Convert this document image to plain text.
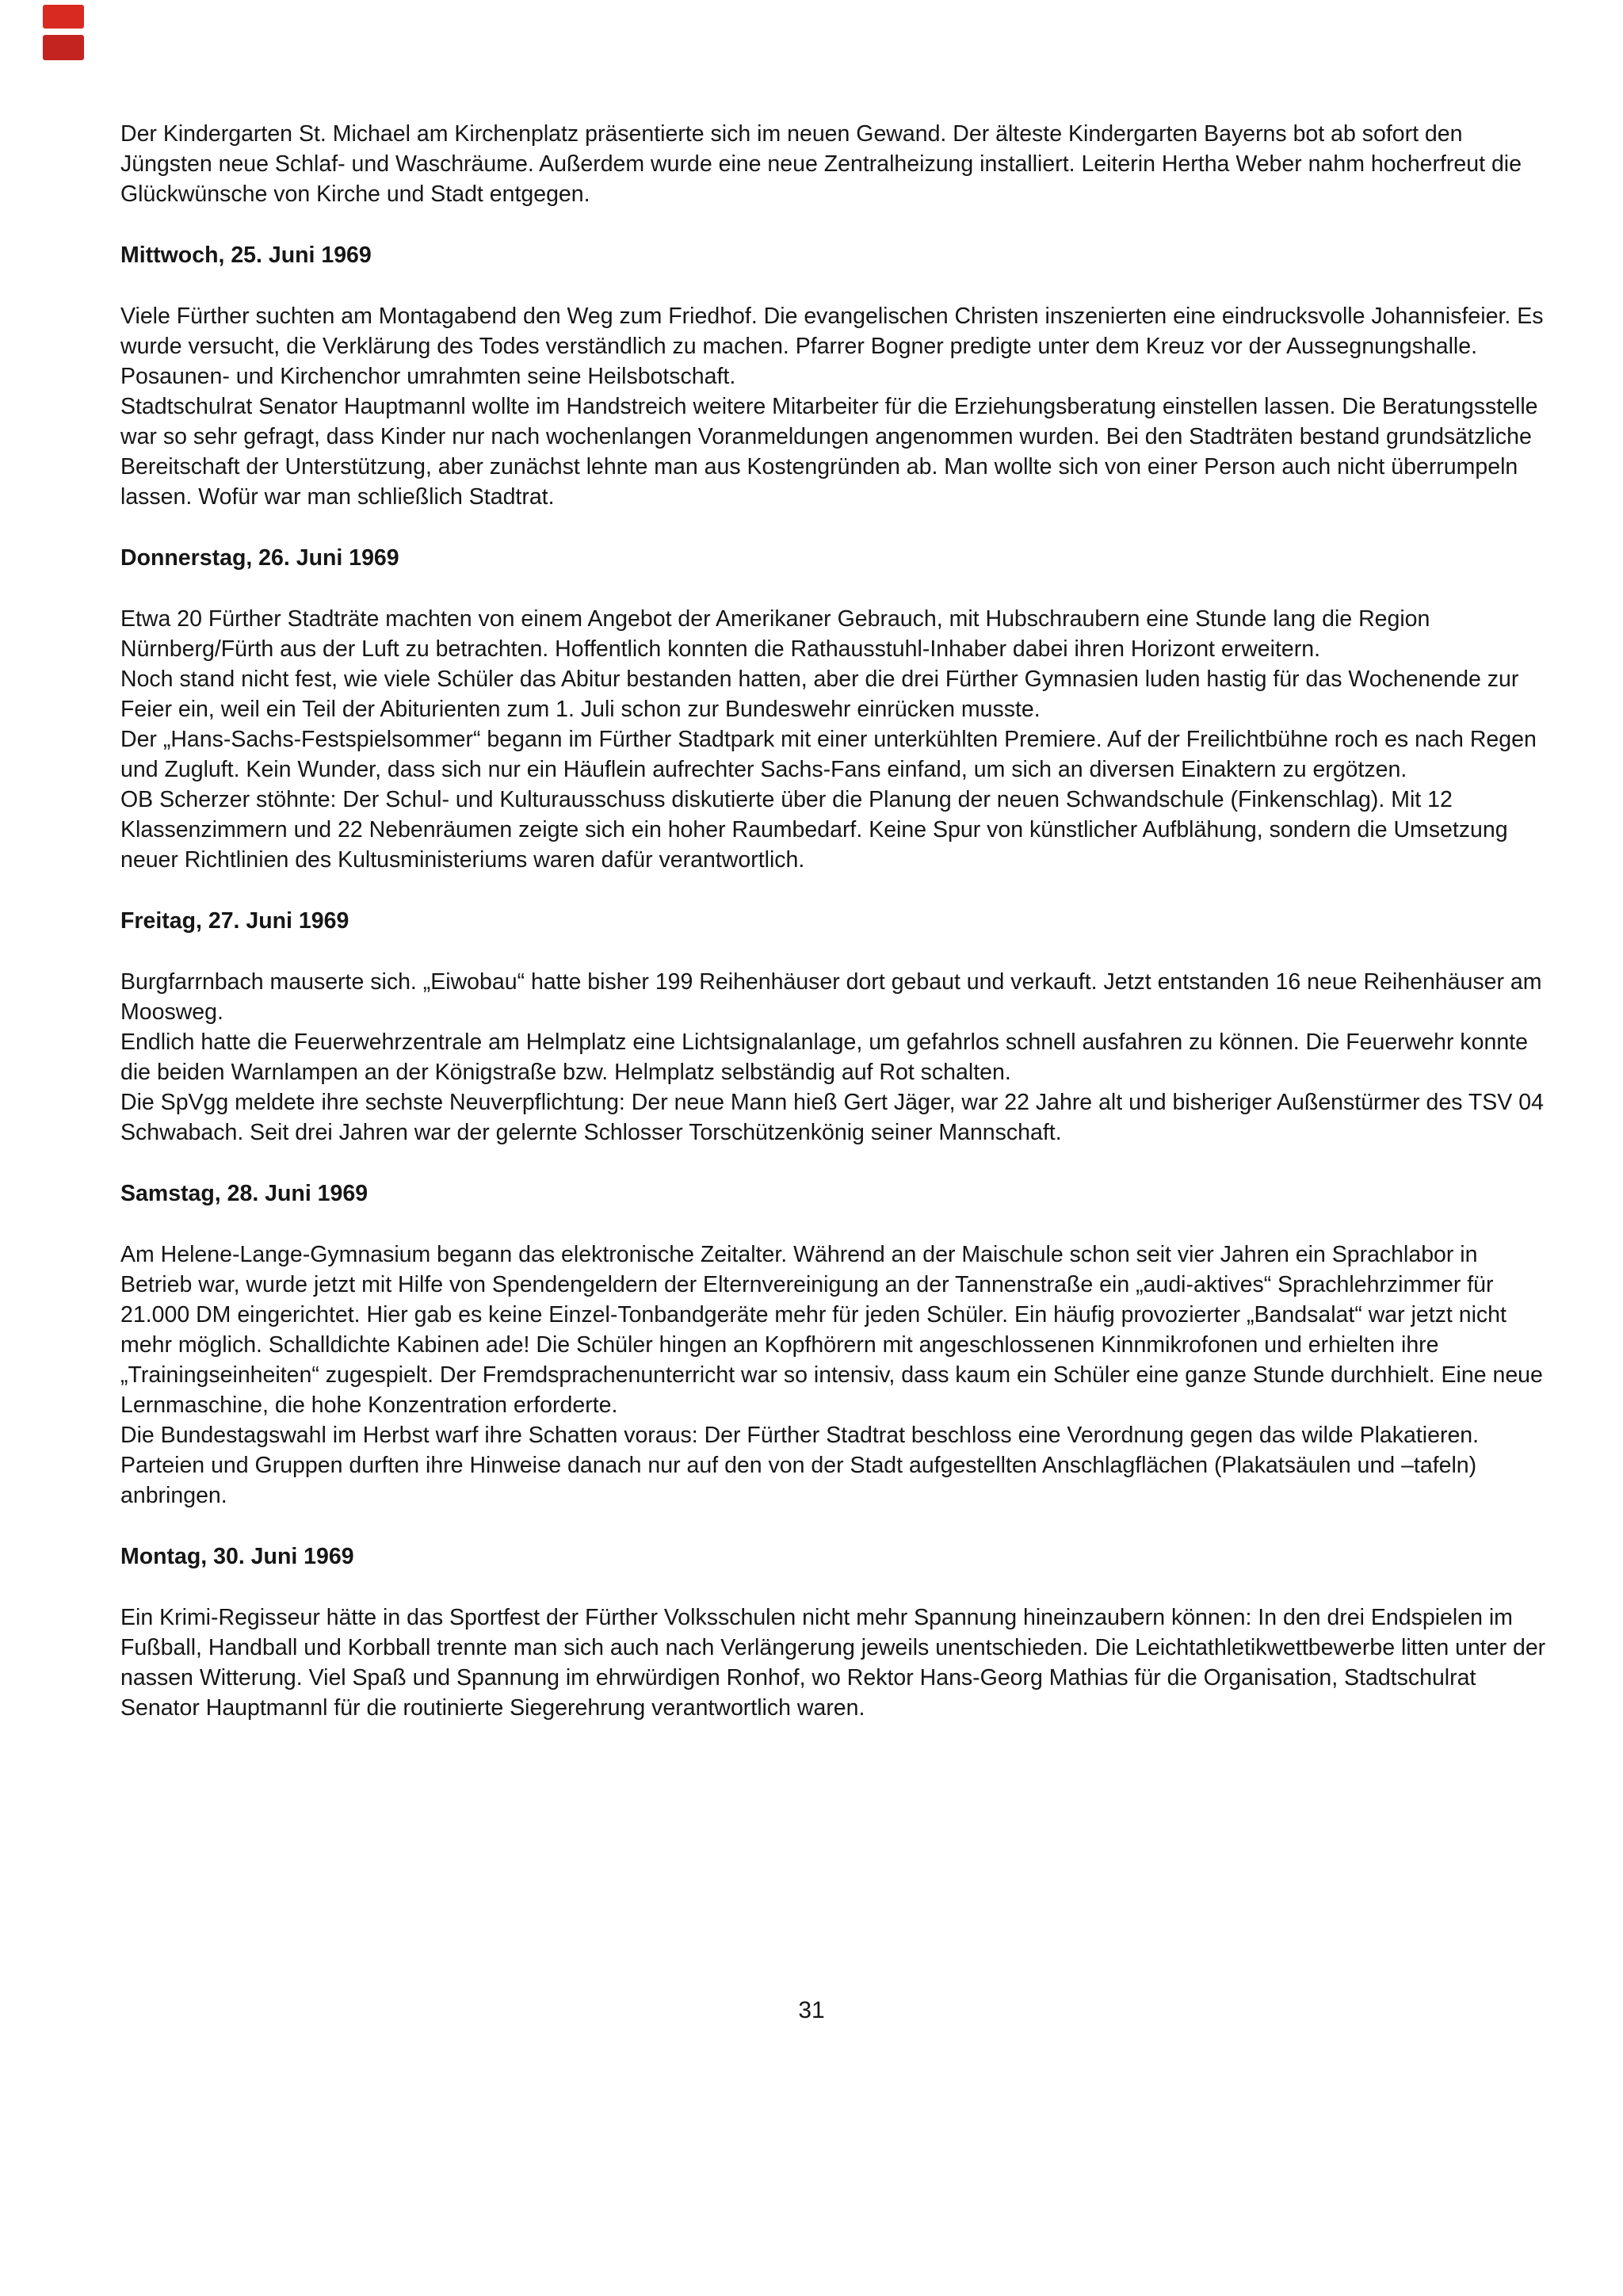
Der Kindergarten St. Michael am Kirchenplatz präsentierte sich im neuen Gewand. Der älteste Kindergarten Bayerns bot ab sofort den Jüngsten neue Schlaf- und Waschräume. Außerdem wurde eine neue Zentralheizung installiert. Leiterin Hertha Weber nahm hocherfreut die Glückwünsche von Kirche und Stadt entgegen.

Mittwoch, 25. Juni 1969

Viele Fürther suchten am Montagabend den Weg zum Friedhof. Die evangelischen Christen inszenierten eine eindrucksvolle Johannisfeier. Es wurde versucht, die Verklärung des Todes verständlich zu machen. Pfarrer Bogner predigte unter dem Kreuz vor der Aussegnungshalle. Posaunen- und Kirchenchor umrahmten seine Heilsbotschaft.

Stadtschulrat Senator Hauptmannl wollte im Handstreich weitere Mitarbeiter für die Erziehungsberatung einstellen lassen. Die Beratungsstelle war so sehr gefragt, dass Kinder nur nach wochenlangen Voranmeldungen angenommen wurden. Bei den Stadträten bestand grundsätzliche Bereitschaft der Unterstützung, aber zunächst lehnte man aus Kostengründen ab. Man wollte sich von einer Person auch nicht überrumpeln lassen. Wofür war man schließlich Stadtrat.

Donnerstag, 26. Juni 1969

Etwa 20 Fürther Stadträte machten von einem Angebot der Amerikaner Gebrauch, mit Hubschraubern eine Stunde lang die Region Nürnberg/Fürth aus der Luft zu betrachten. Hoffentlich konnten die Rathausstuhl-Inhaber dabei ihren Horizont erweitern.

Noch stand nicht fest, wie viele Schüler das Abitur bestanden hatten, aber die drei Fürther Gymnasien luden hastig für das Wochenende zur Feier ein, weil ein Teil der Abiturienten zum 1. Juli schon zur Bundeswehr einrücken musste.

Der „Hans-Sachs-Festspielsommer“ begann im Fürther Stadtpark mit einer unterkühlten Premiere. Auf der Freilichtbühne roch es nach Regen und Zugluft. Kein Wunder, dass sich nur ein Häuflein aufrechter Sachs-Fans einfand, um sich an diversen Einaktern zu ergötzen.

OB Scherzer stöhnte: Der Schul- und Kulturausschuss diskutierte über die Planung der neuen Schwandschule (Finkenschlag). Mit 12 Klassenzimmern und 22 Nebenräumen zeigte sich ein hoher Raumbedarf. Keine Spur von künstlicher Aufblähung, sondern die Umsetzung neuer Richtlinien des Kultusministeriums waren dafür verantwortlich.

Freitag, 27. Juni 1969

Burgfarrnbach mauserte sich. „Eiwobau“ hatte bisher 199 Reihenhäuser dort gebaut und verkauft. Jetzt entstanden 16 neue Reihenhäuser am Moosweg.

Endlich hatte die Feuerwehrzentrale am Helmplatz eine Lichtsignalanlage, um gefahrlos schnell ausfahren zu können. Die Feuerwehr konnte die beiden Warnlampen an der Königstraße bzw. Helmplatz selbständig auf Rot schalten.

Die SpVgg meldete ihre sechste Neuverpflichtung: Der neue Mann hieß Gert Jäger, war 22 Jahre alt und bisheriger Außenstürmer des TSV 04 Schwabach. Seit drei Jahren war der gelernte Schlosser Torschützenkönig seiner Mannschaft.

Samstag, 28. Juni 1969

Am Helene-Lange-Gymnasium begann das elektronische Zeitalter. Während an der Maischule schon seit vier Jahren ein Sprachlabor in Betrieb war, wurde jetzt mit Hilfe von Spendengeldern der Elternvereinigung an der Tannenstraße ein „audi-aktives“ Sprachlehrzimmer für 21.000 DM eingerichtet. Hier gab es keine Einzel-Tonbandgeräte mehr für jeden Schüler. Ein häufig provozierter „Bandsalat“ war jetzt nicht mehr möglich. Schalldichte Kabinen ade! Die Schüler hingen an Kopfhörern mit angeschlossenen Kinnmikrofonen und erhielten ihre „Trainingseinheiten“ zugespielt. Der Fremdsprachenunterricht war so intensiv, dass kaum ein Schüler eine ganze Stunde durchhielt. Eine neue Lernmaschine, die hohe Konzentration erforderte.

Die Bundestagswahl im Herbst warf ihre Schatten voraus: Der Fürther Stadtrat beschloss eine Verordnung gegen das wilde Plakatieren. Parteien und Gruppen durften ihre Hinweise danach nur auf den von der Stadt aufgestellten Anschlagflächen (Plakatsäulen und –tafeln) anbringen.

Montag, 30. Juni 1969

Ein Krimi-Regisseur hätte in das Sportfest der Fürther Volksschulen nicht mehr Spannung hineinzaubern können: In den drei Endspielen im Fußball, Handball und Korbball trennte man sich auch nach Verlängerung jeweils unentschieden. Die Leichtathletikwettbewerbe litten unter der nassen Witterung. Viel Spaß und Spannung im ehrwürdigen Ronhof, wo Rektor Hans-Georg Mathias für die Organisation, Stadtschulrat Senator Hauptmannl für die routinierte Siegerehrung verantwortlich waren.

31
